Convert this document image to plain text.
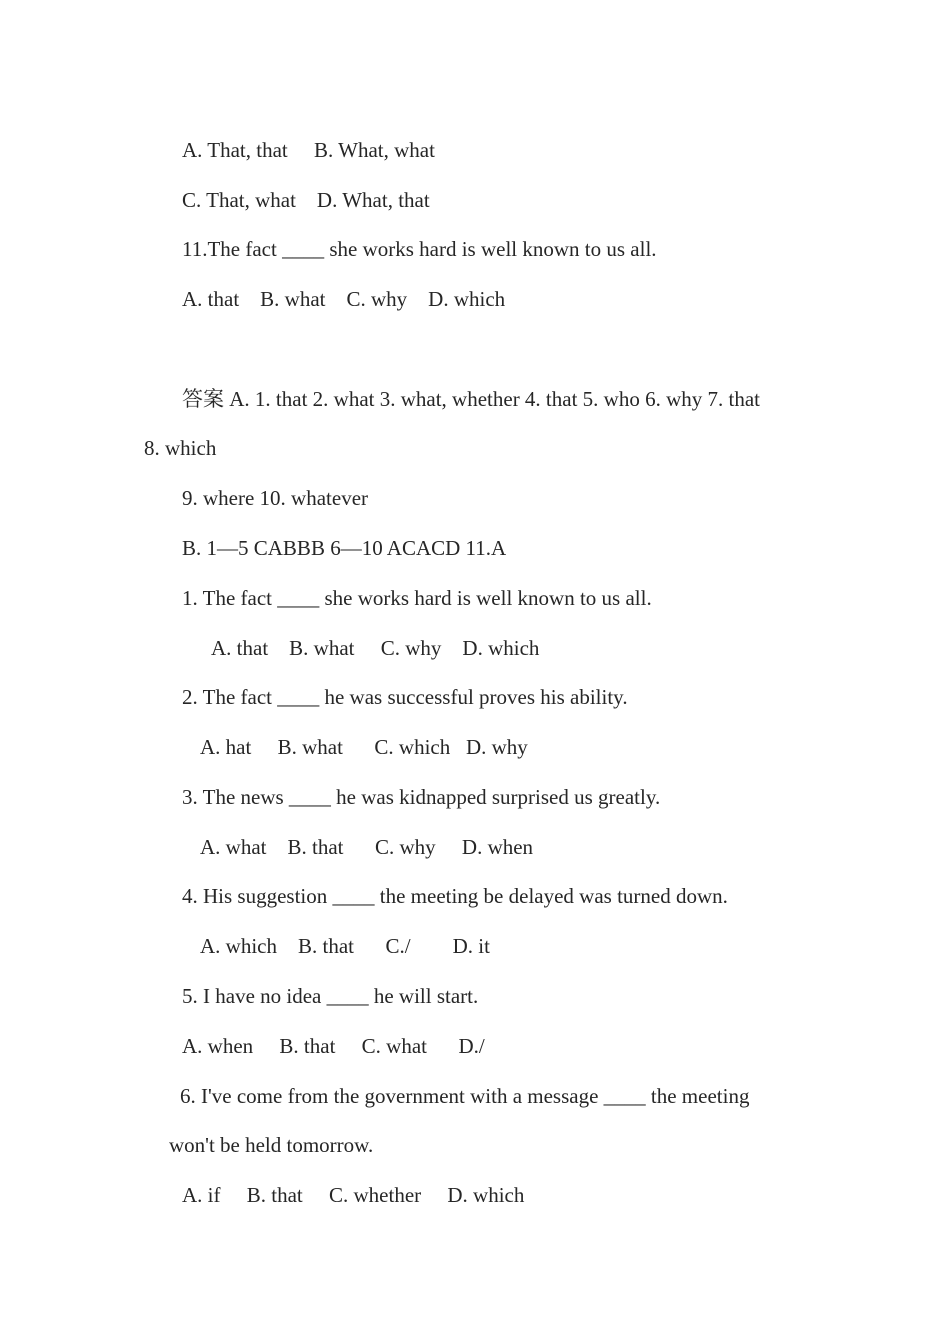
A. That, that     B. What, what
C. That, what    D. What, that
11.The fact ____ she works hard is well known to us all.
A. that    B. what    C. why    D. which
答案 A. 1. that 2. what 3. what, whether 4. that 5. who 6. why 7. that
8. which
9. where 10. whatever
B. 1—5 CABBB 6—10 ACACD 11.A
1. The fact ____ she works hard is well known to us all.
A. that    B. what     C. why    D. which
2. The fact ____ he was successful proves his ability.
A. hat     B. what      C. which   D. why
3. The news ____ he was kidnapped surprised us greatly.
A. what    B. that      C. why     D. when
4. His suggestion ____ the meeting be delayed was turned down.
A. which    B. that      C./        D. it
5. I have no idea ____ he will start.
A. when     B. that     C. what      D./
6. I've come from the government with a message ____ the meeting
won't be held tomorrow.
A. if     B. that     C. whether     D. which
